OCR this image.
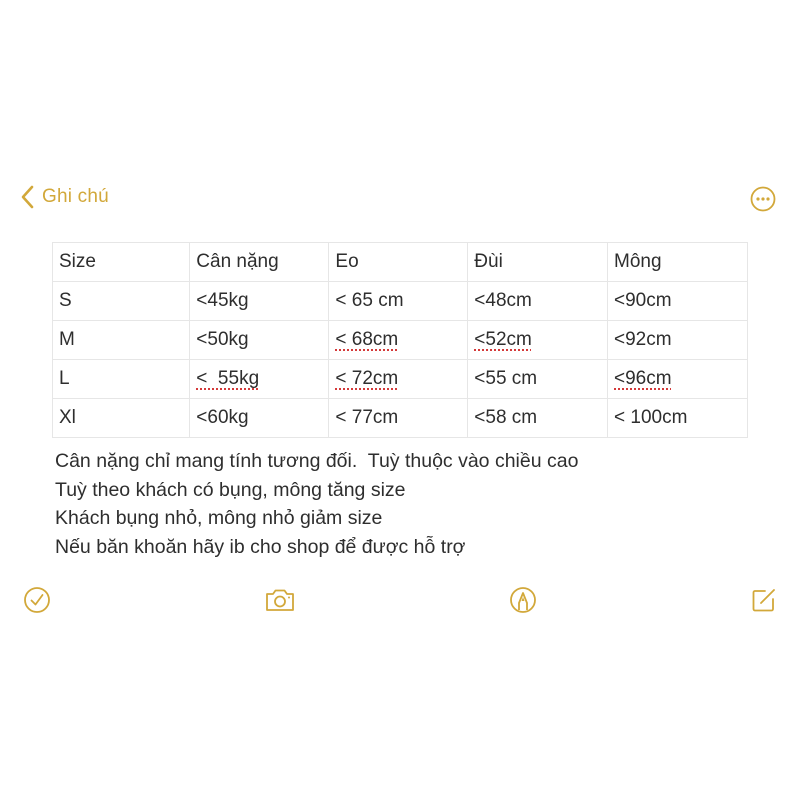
Ghi chú
Size	Cân nặng	Eo	Đùi	Mông
S	<45kg	< 65 cm	<48cm	<90cm
M	<50kg	< 68cm	<52cm	<92cm
L	<  55kg	< 72cm	<55 cm	<96cm
Xl	<60kg	< 77cm	<58 cm	< 100cm
Cân nặng chỉ mang tính tương đối.  Tuỳ thuộc vào chiều cao
Tuỳ theo khách có bụng, mông tăng size
Khách bụng nhỏ, mông nhỏ giảm size
Nếu băn khoăn hãy ib cho shop để được hỗ trợ
